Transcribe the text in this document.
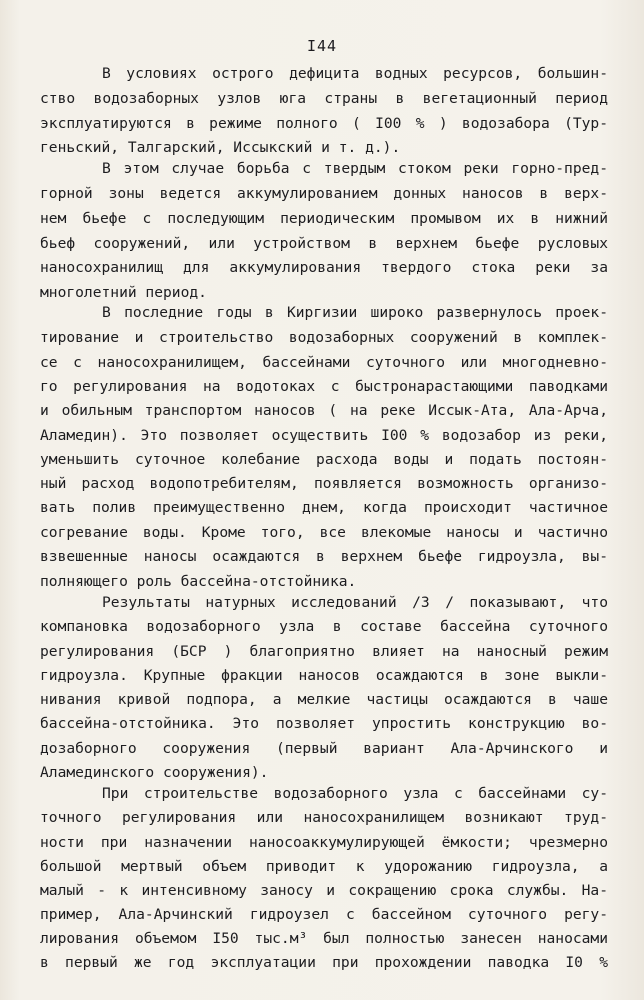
I44
В условиях острого дефицита водных ресурсов, большин-
ство водозаборных узлов юга страны в вегетационный период
эксплуатируются в режиме полного ( I00 % ) водозабора (Тур-
геньский, Талгарский, Иссыкский и т. д.).
В этом случае борьба с твердым стоком реки горно-пред-
горной зоны ведется аккумулированием донных наносов в верх-
нем бьефе с последующим периодическим промывом их в нижний
бьеф сооружений, или устройством в верхнем бьефе русловых
наносохранилищ для аккумулирования твердого стока реки за
многолетний период.
В последние годы в Киргизии широко развернулось проек-
тирование и строительство водозаборных сооружений в комплек-
се с наносохранилищем, бассейнами суточного или многодневно-
го регулирования на водотоках с быстронарастающими паводками
и обильным транспортом наносов ( на реке Иссык-Ата, Ала-Арча,
Аламедин). Это позволяет осуществить I00 % водозабор из реки,
уменьшить суточное колебание расхода воды и подать постоян-
ный расход водопотребителям, появляется возможность организо-
вать полив преимущественно днем, когда происходит частичное
согревание воды. Кроме того, все влекомые наносы и частично
взвешенные наносы осаждаются в верхнем бьефе гидроузла, вы-
полняющего роль бассейна-отстойника.
Результаты натурных исследований /3 / показывают, что
компановка водозаборного узла в составе бассейна суточного
регулирования (БСР ) благоприятно влияет на наносный режим
гидроузла. Крупные фракции наносов осаждаются в зоне выкли-
нивания кривой подпора, а мелкие частицы осаждаются в чаше
бассейна-отстойника. Это позволяет упростить конструкцию во-
дозаборного сооружения (первый вариант Ала-Арчинского и
Аламединского сооружения).
При строительстве водозаборного узла с бассейнами су-
точного регулирования или наносохранилищем возникают труд-
ности при назначении наносоаккумулирующей ёмкости; чрезмерно
большой мертвый объем приводит к удорожанию гидроузла, а
малый - к интенсивному заносу и сокращению срока службы. На-
пример, Ала-Арчинский гидроузел с бассейном суточного регу-
лирования объемом I50 тыс.м³ был полностью занесен наносами
в первый же год эксплуатации при прохождении паводка I0 %
